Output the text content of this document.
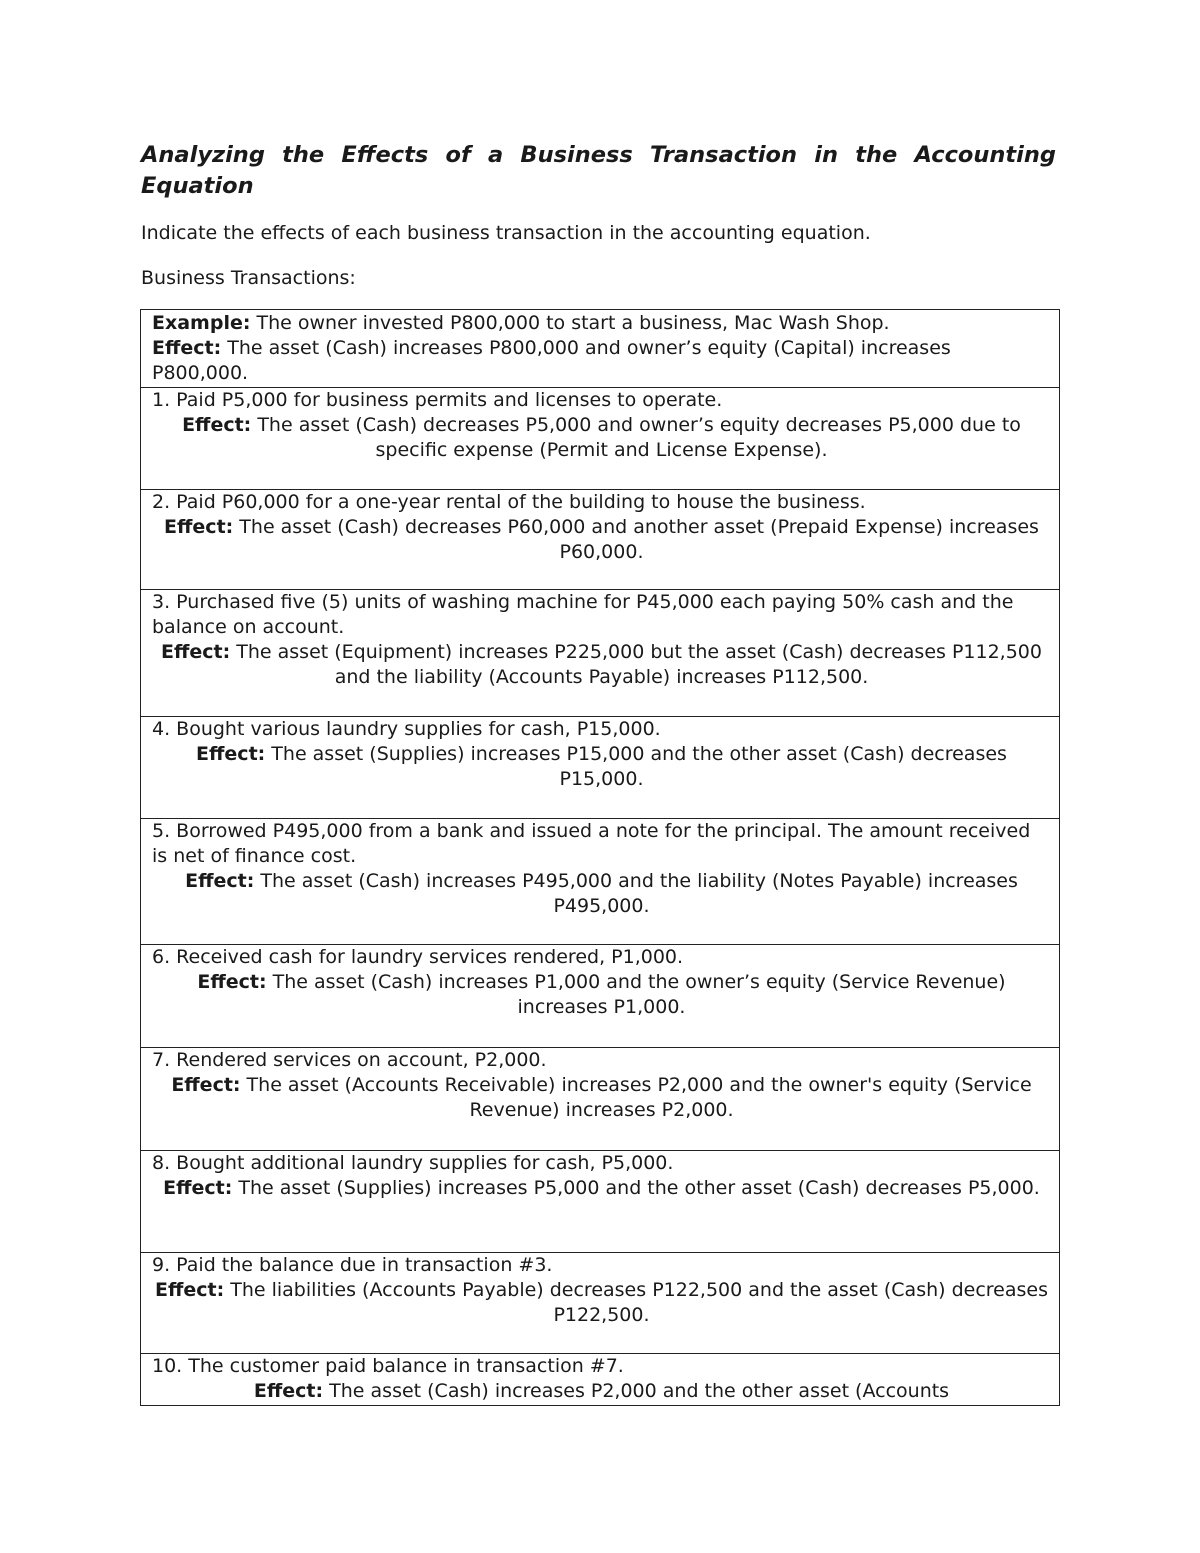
Analyzing the Effects of a Business Transaction in the Accounting Equation

Indicate the effects of each business transaction in the accounting equation.

Business Transactions:

Example: The owner invested P800,000 to start a business, Mac Wash Shop.
Effect: The asset (Cash) increases P800,000 and owner’s equity (Capital) increases P800,000.

1. Paid P5,000 for business permits and licenses to operate.
Effect: The asset (Cash) decreases P5,000 and owner’s equity decreases P5,000 due to specific expense (Permit and License Expense).

2. Paid P60,000 for a one-year rental of the building to house the business.
Effect: The asset (Cash) decreases P60,000 and another asset (Prepaid Expense) increases P60,000.

3. Purchased five (5) units of washing machine for P45,000 each paying 50% cash and the balance on account.
Effect: The asset (Equipment) increases P225,000 but the asset (Cash) decreases P112,500 and the liability (Accounts Payable) increases P112,500.

4. Bought various laundry supplies for cash, P15,000.
Effect: The asset (Supplies) increases P15,000 and the other asset (Cash) decreases P15,000.

5. Borrowed P495,000 from a bank and issued a note for the principal. The amount received is net of finance cost.
Effect: The asset (Cash) increases P495,000 and the liability (Notes Payable) increases P495,000.

6. Received cash for laundry services rendered, P1,000.
Effect: The asset (Cash) increases P1,000 and the owner’s equity (Service Revenue) increases P1,000.

7. Rendered services on account, P2,000.
Effect: The asset (Accounts Receivable) increases P2,000 and the owner's equity (Service Revenue) increases P2,000.

8. Bought additional laundry supplies for cash, P5,000.
Effect: The asset (Supplies) increases P5,000 and the other asset (Cash) decreases P5,000.

9. Paid the balance due in transaction #3.
Effect: The liabilities (Accounts Payable) decreases P122,500 and the asset (Cash) decreases P122,500.

10. The customer paid balance in transaction #7.
Effect: The asset (Cash) increases P2,000 and the other asset (Accounts
